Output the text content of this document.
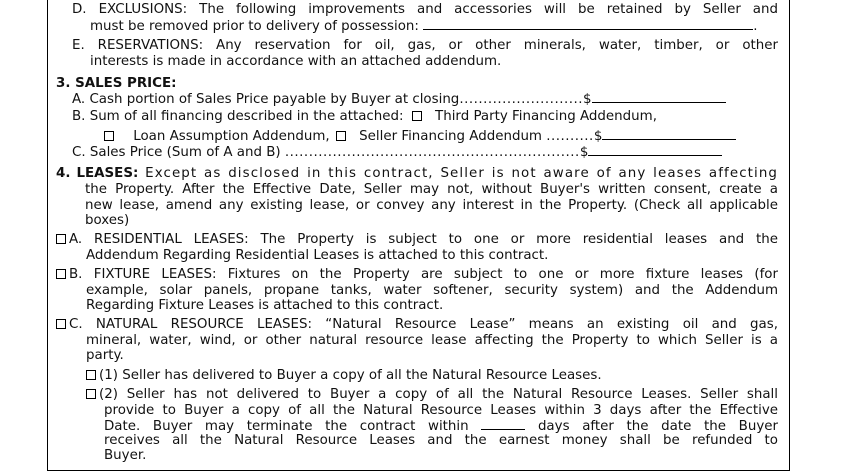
D. EXCLUSIONS: The following improvements and accessories will be retained by Seller and
must be removed prior to delivery of possession:	.
E. RESERVATIONS: Any reservation for oil, gas, or other minerals, water, timber, or other
interests is made in accordance with an attached addendum.
3. SALES PRICE:
A. Cash portion of Sales Price payable by Buyer at closing..........................$
B. Sum of all financing described in the attached: Third Party Financing Addendum,
Loan Assumption Addendum, Seller Financing Addendum ..........$
C. Sales Price (Sum of A and B) ..............................................................$
4. LEASES: Except as disclosed in this contract, Seller is not aware of any leases affecting
the Property. After the Effective Date, Seller may not, without Buyer's written consent, create a
new lease, amend any existing lease, or convey any interest in the Property. (Check all applicable
boxes)
A. RESIDENTIAL LEASES: The Property is subject to one or more residential leases and the
Addendum Regarding Residential Leases is attached to this contract.
B. FIXTURE LEASES: Fixtures on the Property are subject to one or more fixture leases (for
example, solar panels, propane tanks, water softener, security system) and the Addendum
Regarding Fixture Leases is attached to this contract.
C. NATURAL RESOURCE LEASES: “Natural Resource Lease” means an existing oil and gas,
mineral, water, wind, or other natural resource lease affecting the Property to which Seller is a
party.
(1) Seller has delivered to Buyer a copy of all the Natural Resource Leases.
(2) Seller has not delivered to Buyer a copy of all the Natural Resource Leases. Seller shall
provide to Buyer a copy of all the Natural Resource Leases within 3 days after the Effective
Date. Buyer may terminate the contract within	days after the date the Buyer
receives all the Natural Resource Leases and the earnest money shall be refunded to
Buyer.
